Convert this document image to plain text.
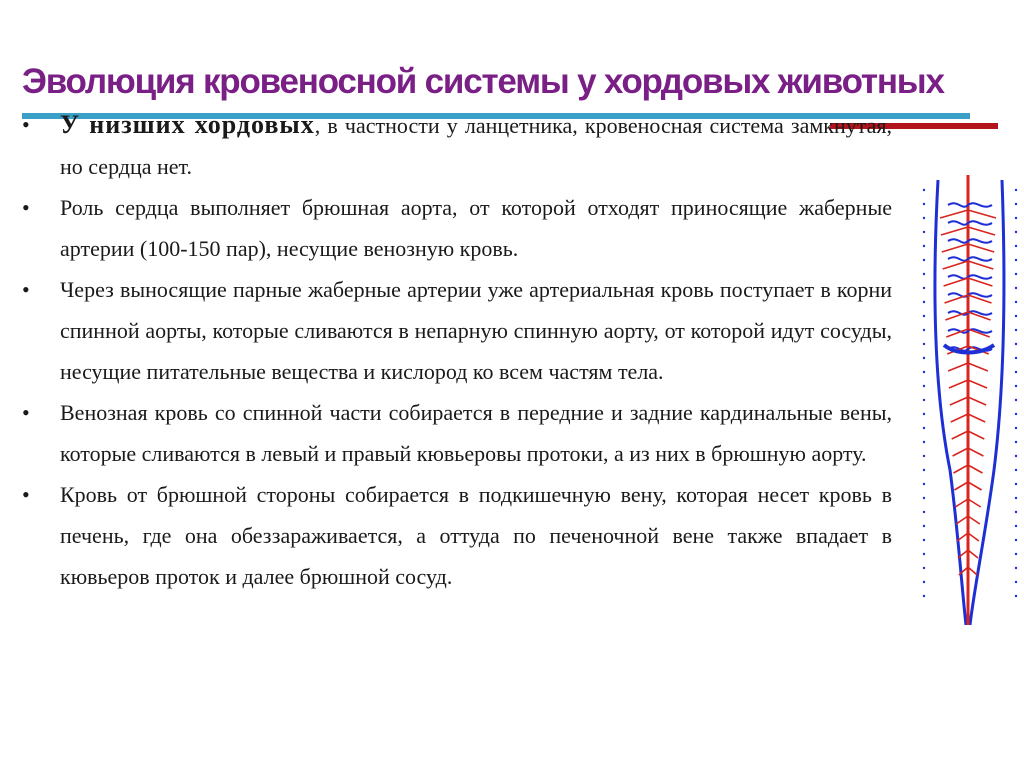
Эволюция кровеносной системы у хордовых животных
• У низших хордовых, в частности у ланцетника, кровеносная система замкнутая, но сердца нет.
• Роль сердца выполняет брюшная аорта, от которой отходят приносящие жаберные артерии (100-150 пар), несущие венозную кровь.
• Через выносящие парные жаберные артерии уже артериальная кровь поступает в корни спинной аорты, которые сливаются в непарную спинную аорту, от которой идут сосуды, несущие питательные вещества и кислород ко всем частям тела.
• Венозная кровь со спинной части собирается в передние и задние кардинальные вены, которые сливаются в левый и правый кювьеровы протоки, а из них в брюшную аорту.
• Кровь от брюшной стороны собирается в подкишечную вену, которая несет кровь в печень, где она обеззараживается, а оттуда по печеночной вене также впадает в кювьеров проток и далее брюшной сосуд.
